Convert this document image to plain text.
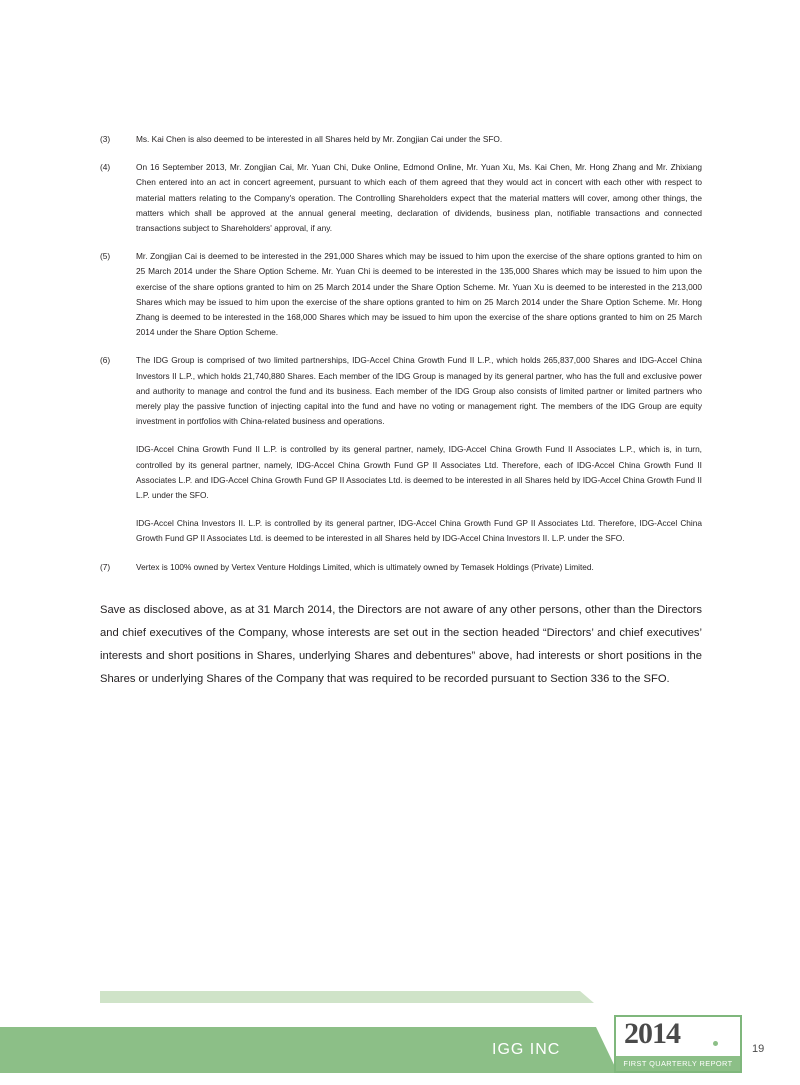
(3)	Ms. Kai Chen is also deemed to be interested in all Shares held by Mr. Zongjian Cai under the SFO.

(4)	On 16 September 2013, Mr. Zongjian Cai, Mr. Yuan Chi, Duke Online, Edmond Online, Mr. Yuan Xu, Ms. Kai Chen, Mr. Hong Zhang and Mr. Zhixiang Chen entered into an act in concert agreement, pursuant to which each of them agreed that they would act in concert with each other with respect to material matters relating to the Company's operation. The Controlling Shareholders expect that the material matters will cover, among other things, the matters which shall be approved at the annual general meeting, declaration of dividends, business plan, notifiable transactions and connected transactions subject to Shareholders' approval, if any.

(5)	Mr. Zongjian Cai is deemed to be interested in the 291,000 Shares which may be issued to him upon the exercise of the share options granted to him on 25 March 2014 under the Share Option Scheme. Mr. Yuan Chi is deemed to be interested in the 135,000 Shares which may be issued to him upon the exercise of the share options granted to him on 25 March 2014 under the Share Option Scheme. Mr. Yuan Xu is deemed to be interested in the 213,000 Shares which may be issued to him upon the exercise of the share options granted to him on 25 March 2014 under the Share Option Scheme. Mr. Hong Zhang is deemed to be interested in the 168,000 Shares which may be issued to him upon the exercise of the share options granted to him on 25 March 2014 under the Share Option Scheme.

(6)	The IDG Group is comprised of two limited partnerships, IDG-Accel China Growth Fund II L.P., which holds 265,837,000 Shares and IDG-Accel China Investors II L.P., which holds 21,740,880 Shares. Each member of the IDG Group is managed by its general partner, who has the full and exclusive power and authority to manage and control the fund and its business. Each member of the IDG Group also consists of limited partner or limited partners who merely play the passive function of injecting capital into the fund and have no voting or management right. The members of the IDG Group are equity investment in portfolios with China-related business and operations.

IDG-Accel China Growth Fund II L.P. is controlled by its general partner, namely, IDG-Accel China Growth Fund II Associates L.P., which is, in turn, controlled by its general partner, namely, IDG-Accel China Growth Fund GP II Associates Ltd. Therefore, each of IDG-Accel China Growth Fund II Associates L.P. and IDG-Accel China Growth Fund GP II Associates Ltd. is deemed to be interested in all Shares held by IDG-Accel China Growth Fund II L.P. under the SFO.

IDG-Accel China Investors II. L.P. is controlled by its general partner, IDG-Accel China Growth Fund GP II Associates Ltd. Therefore, IDG-Accel China Growth Fund GP II Associates Ltd. is deemed to be interested in all Shares held by IDG-Accel China Investors II. L.P. under the SFO.

(7)	Vertex is 100% owned by Vertex Venture Holdings Limited, which is ultimately owned by Temasek Holdings (Private) Limited.

Save as disclosed above, as at 31 March 2014, the Directors are not aware of any other persons, other than the Directors and chief executives of the Company, whose interests are set out in the section headed “Directors’ and chief executives’ interests and short positions in Shares, underlying Shares and debentures” above, had interests or short positions in the Shares or underlying Shares of the Company that was required to be recorded pursuant to Section 336 to the SFO.
IGG INC 2014
FIRST QUARTERLY REPORT
19
